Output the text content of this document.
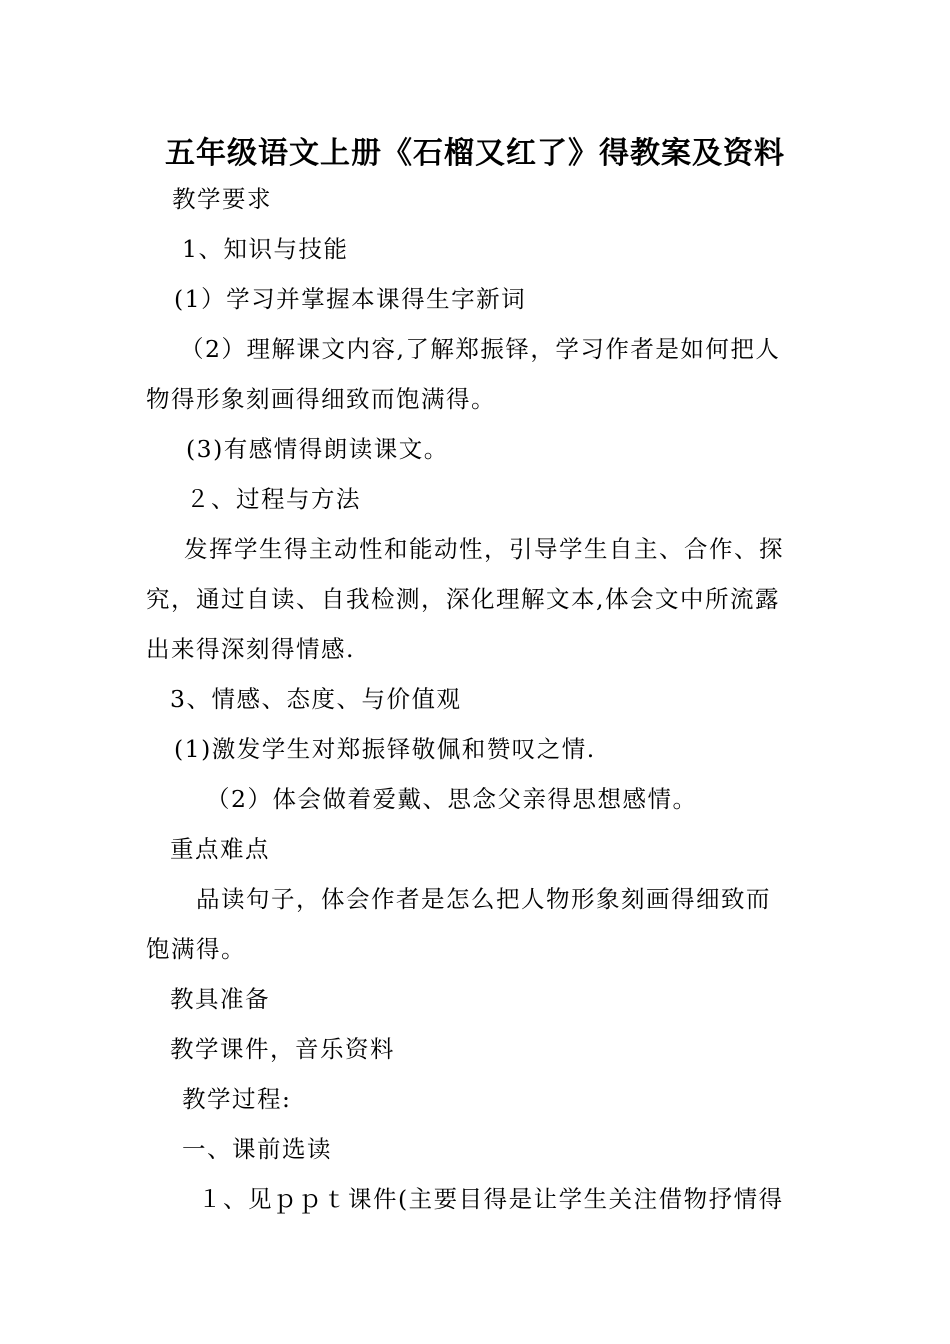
五年级语文上册《石榴又红了》得教案及资料
教学要求
1、知识与技能
(1）学习并掌握本课得生字新词
（2）理解课文内容,了解郑振铎，学习作者是如何把人
物得形象刻画得细致而饱满得。
(3)有感情得朗读课文。
２、过程与方法
发挥学生得主动性和能动性，引导学生自主、合作、探
究，通过自读、自我检测，深化理解文本,体会文中所流露
出来得深刻得情感.
3、情感、态度、与价值观
(1)激发学生对郑振铎敬佩和赞叹之情.
（2）体会做着爱戴、思念父亲得思想感情。
重点难点
品读句子，体会作者是怎么把人物形象刻画得细致而
饱满得。
教具准备
教学课件，音乐资料
教学过程:
一、课前选读
１、见ｐｐｔ课件(主要目得是让学生关注借物抒情得
